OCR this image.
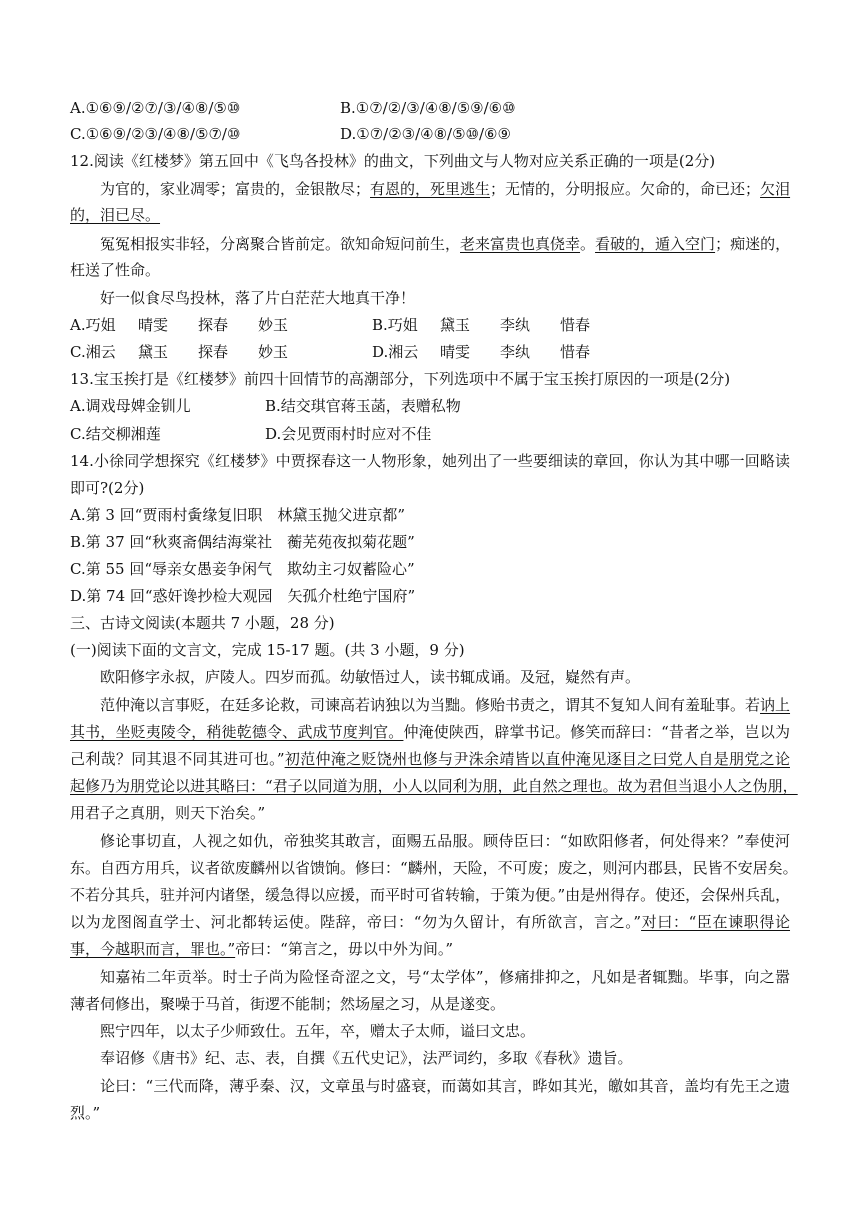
A.①⑥⑨/②⑦/③/④⑧/⑤⑩	B.①⑦/②/③/④⑧/⑤⑨/⑥⑩
C.①⑥⑨/②③/④⑧/⑤⑦/⑩	D.①⑦/②③/④⑧/⑤⑩/⑥⑨
12.阅读《红楼梦》第五回中《飞鸟各投林》的曲文，下列曲文与人物对应关系正确的一项是(2分)
为官的，家业凋零；富贵的，金银散尽；有恩的，死里逃生；无情的，分明报应。欠命的，命已还；欠泪
的，泪已尽。
冤冤相报实非轻，分离聚合皆前定。欲知命短问前生，老来富贵也真侥幸。看破的，遁入空门；痴迷的，
枉送了性命。
好一似食尽鸟投林，落了片白茫茫大地真干净！
A.巧姐 晴雯 探春 妙玉	B.巧姐 黛玉 李纨 惜春
C.湘云 黛玉 探春 妙玉	D.湘云 晴雯 李纨 惜春
13.宝玉挨打是《红楼梦》前四十回情节的高潮部分，下列选项中不属于宝玉挨打原因的一项是(2分)
A.调戏母婢金钏儿	B.结交琪官蒋玉菡，表赠私物
C.结交柳湘莲	D.会见贾雨村时应对不佳
14.小徐同学想探究《红楼梦》中贾探春这一人物形象，她列出了一些要细读的章回，你认为其中哪一回略读
即可?(2分)
A.第 3 回“贾雨村夤缘复旧职　林黛玉抛父进京都”
B.第 37 回“秋爽斋偶结海棠社　蘅芜苑夜拟菊花题”
C.第 55 回“辱亲女愚妾争闲气　欺幼主刁奴蓄险心”
D.第 74 回“惑奸谗抄检大观园　矢孤介杜绝宁国府”
三、古诗文阅读(本题共 7 小题，28 分)
(一)阅读下面的文言文，完成 15-17 题。(共 3 小题，9 分)
欧阳修字永叔，庐陵人。四岁而孤。幼敏悟过人，读书辄成诵。及冠，嶷然有声。
范仲淹以言事贬，在廷多论救，司谏高若讷独以为当黜。修贻书责之，谓其不复知人间有羞耻事。若讷上
其书，坐贬夷陵令，稍徙乾德令、武成节度判官。仲淹使陕西，辟掌书记。修笑而辞曰：“昔者之举，岂以为
己利哉？同其退不同其进可也。”初范仲淹之贬饶州也修与尹洙余靖皆以直仲淹见逐目之曰党人自是朋党之论
起修乃为朋党论以进其略曰：“君子以同道为朋，小人以同利为朋，此自然之理也。故为君但当退小人之伪朋，
用君子之真朋，则天下治矣。”
修论事切直，人视之如仇，帝独奖其敢言，面赐五品服。顾侍臣曰：“如欧阳修者，何处得来？”奉使河
东。自西方用兵，议者欲废麟州以省馈饷。修曰：“麟州，天险，不可废；废之，则河内郡县，民皆不安居矣。
不若分其兵，驻并河内诸堡，缓急得以应援，而平时可省转输，于策为便。”由是州得存。使还，会保州兵乱，
以为龙图阁直学士、河北都转运使。陛辞，帝曰：“勿为久留计，有所欲言，言之。”对曰：“臣在谏职得论
事，今越职而言，罪也。”帝曰：“第言之，毋以中外为间。”
知嘉祐二年贡举。时士子尚为险怪奇涩之文，号“太学体”，修痛排抑之，凡如是者辄黜。毕事，向之嚣
薄者伺修出，聚噪于马首，街逻不能制；然场屋之习，从是遂变。
熙宁四年，以太子少师致仕。五年，卒，赠太子太师，谥曰文忠。
奉诏修《唐书》纪、志、表，自撰《五代史记》，法严词约，多取《春秋》遗旨。
论曰：“三代而降，薄乎秦、汉，文章虽与时盛衰，而蔼如其言，晔如其光，皦如其音，盖均有先王之遗
烈。”
